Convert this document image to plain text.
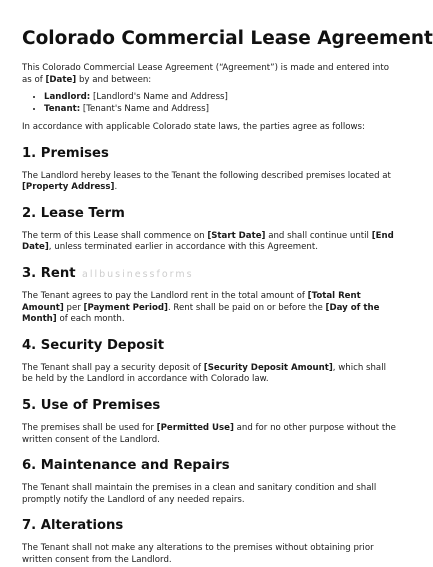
Colorado Commercial Lease Agreement

This Colorado Commercial Lease Agreement (“Agreement”) is made and entered into as of [Date] by and between:

• Landlord: [Landlord's Name and Address]
• Tenant: [Tenant's Name and Address]

In accordance with applicable Colorado state laws, the parties agree as follows:

1. Premises

The Landlord hereby leases to the Tenant the following described premises located at [Property Address].

2. Lease Term

The term of this Lease shall commence on [Start Date] and shall continue until [End Date], unless terminated earlier in accordance with this Agreement.

3. Rent

The Tenant agrees to pay the Landlord rent in the total amount of [Total Rent Amount] per [Payment Period]. Rent shall be paid on or before the [Day of the Month] of each month.

4. Security Deposit

The Tenant shall pay a security deposit of [Security Deposit Amount], which shall be held by the Landlord in accordance with Colorado law.

5. Use of Premises

The premises shall be used for [Permitted Use] and for no other purpose without the written consent of the Landlord.

6. Maintenance and Repairs

The Tenant shall maintain the premises in a clean and sanitary condition and shall promptly notify the Landlord of any needed repairs.

7. Alterations

The Tenant shall not make any alterations to the premises without obtaining prior written consent from the Landlord.

allbusinessforms
